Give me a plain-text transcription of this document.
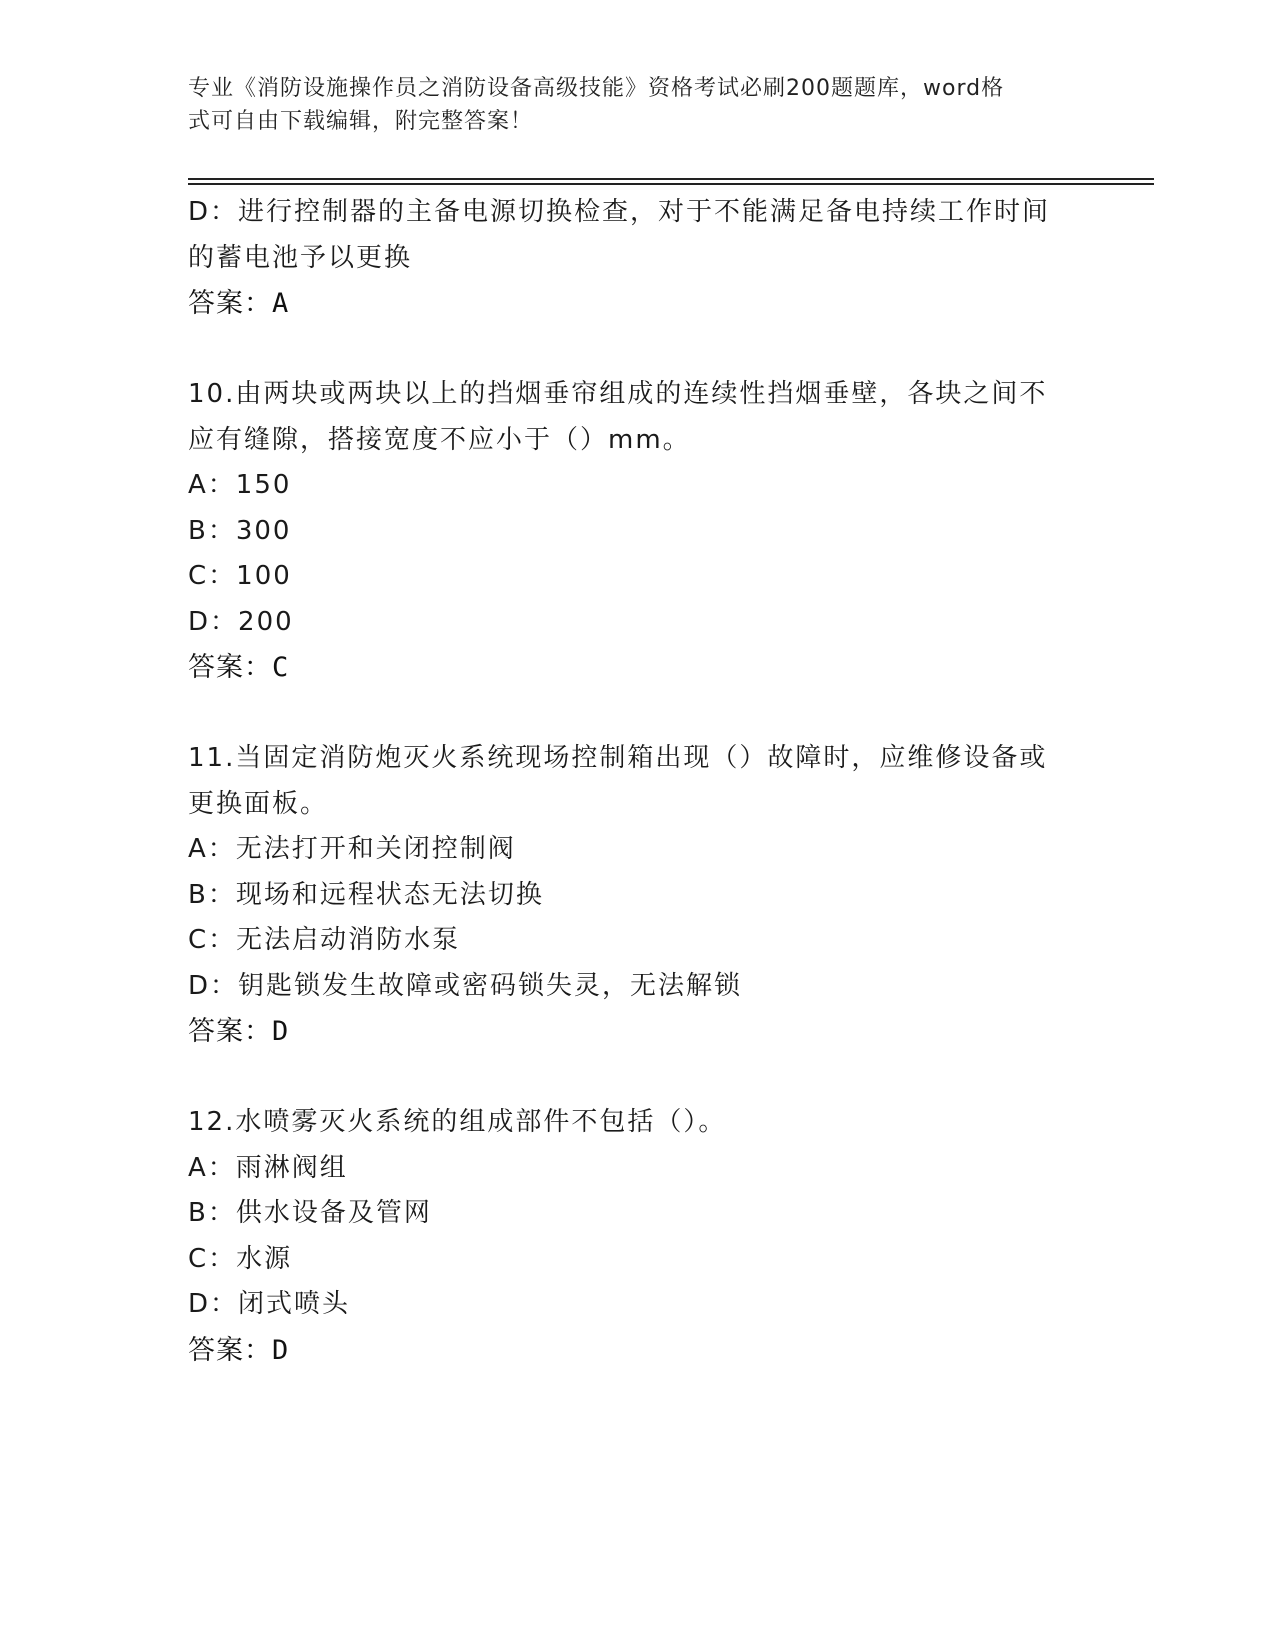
专业《消防设施操作员之消防设备高级技能》资格考试必刷200题题库，word格
式可自由下载编辑，附完整答案！
D：进行控制器的主备电源切换检查，对于不能满足备电持续工作时间
的蓄电池予以更换
答案：A
10.由两块或两块以上的挡烟垂帘组成的连续性挡烟垂壁，各块之间不
应有缝隙，搭接宽度不应小于（）mm。
A：150
B：300
C：100
D：200
答案：C
11.当固定消防炮灭火系统现场控制箱出现（）故障时，应维修设备或
更换面板。
A：无法打开和关闭控制阀
B：现场和远程状态无法切换
C：无法启动消防水泵
D：钥匙锁发生故障或密码锁失灵，无法解锁
答案：D
12.水喷雾灭火系统的组成部件不包括（）。
A：雨淋阀组
B：供水设备及管网
C：水源
D：闭式喷头
答案：D
